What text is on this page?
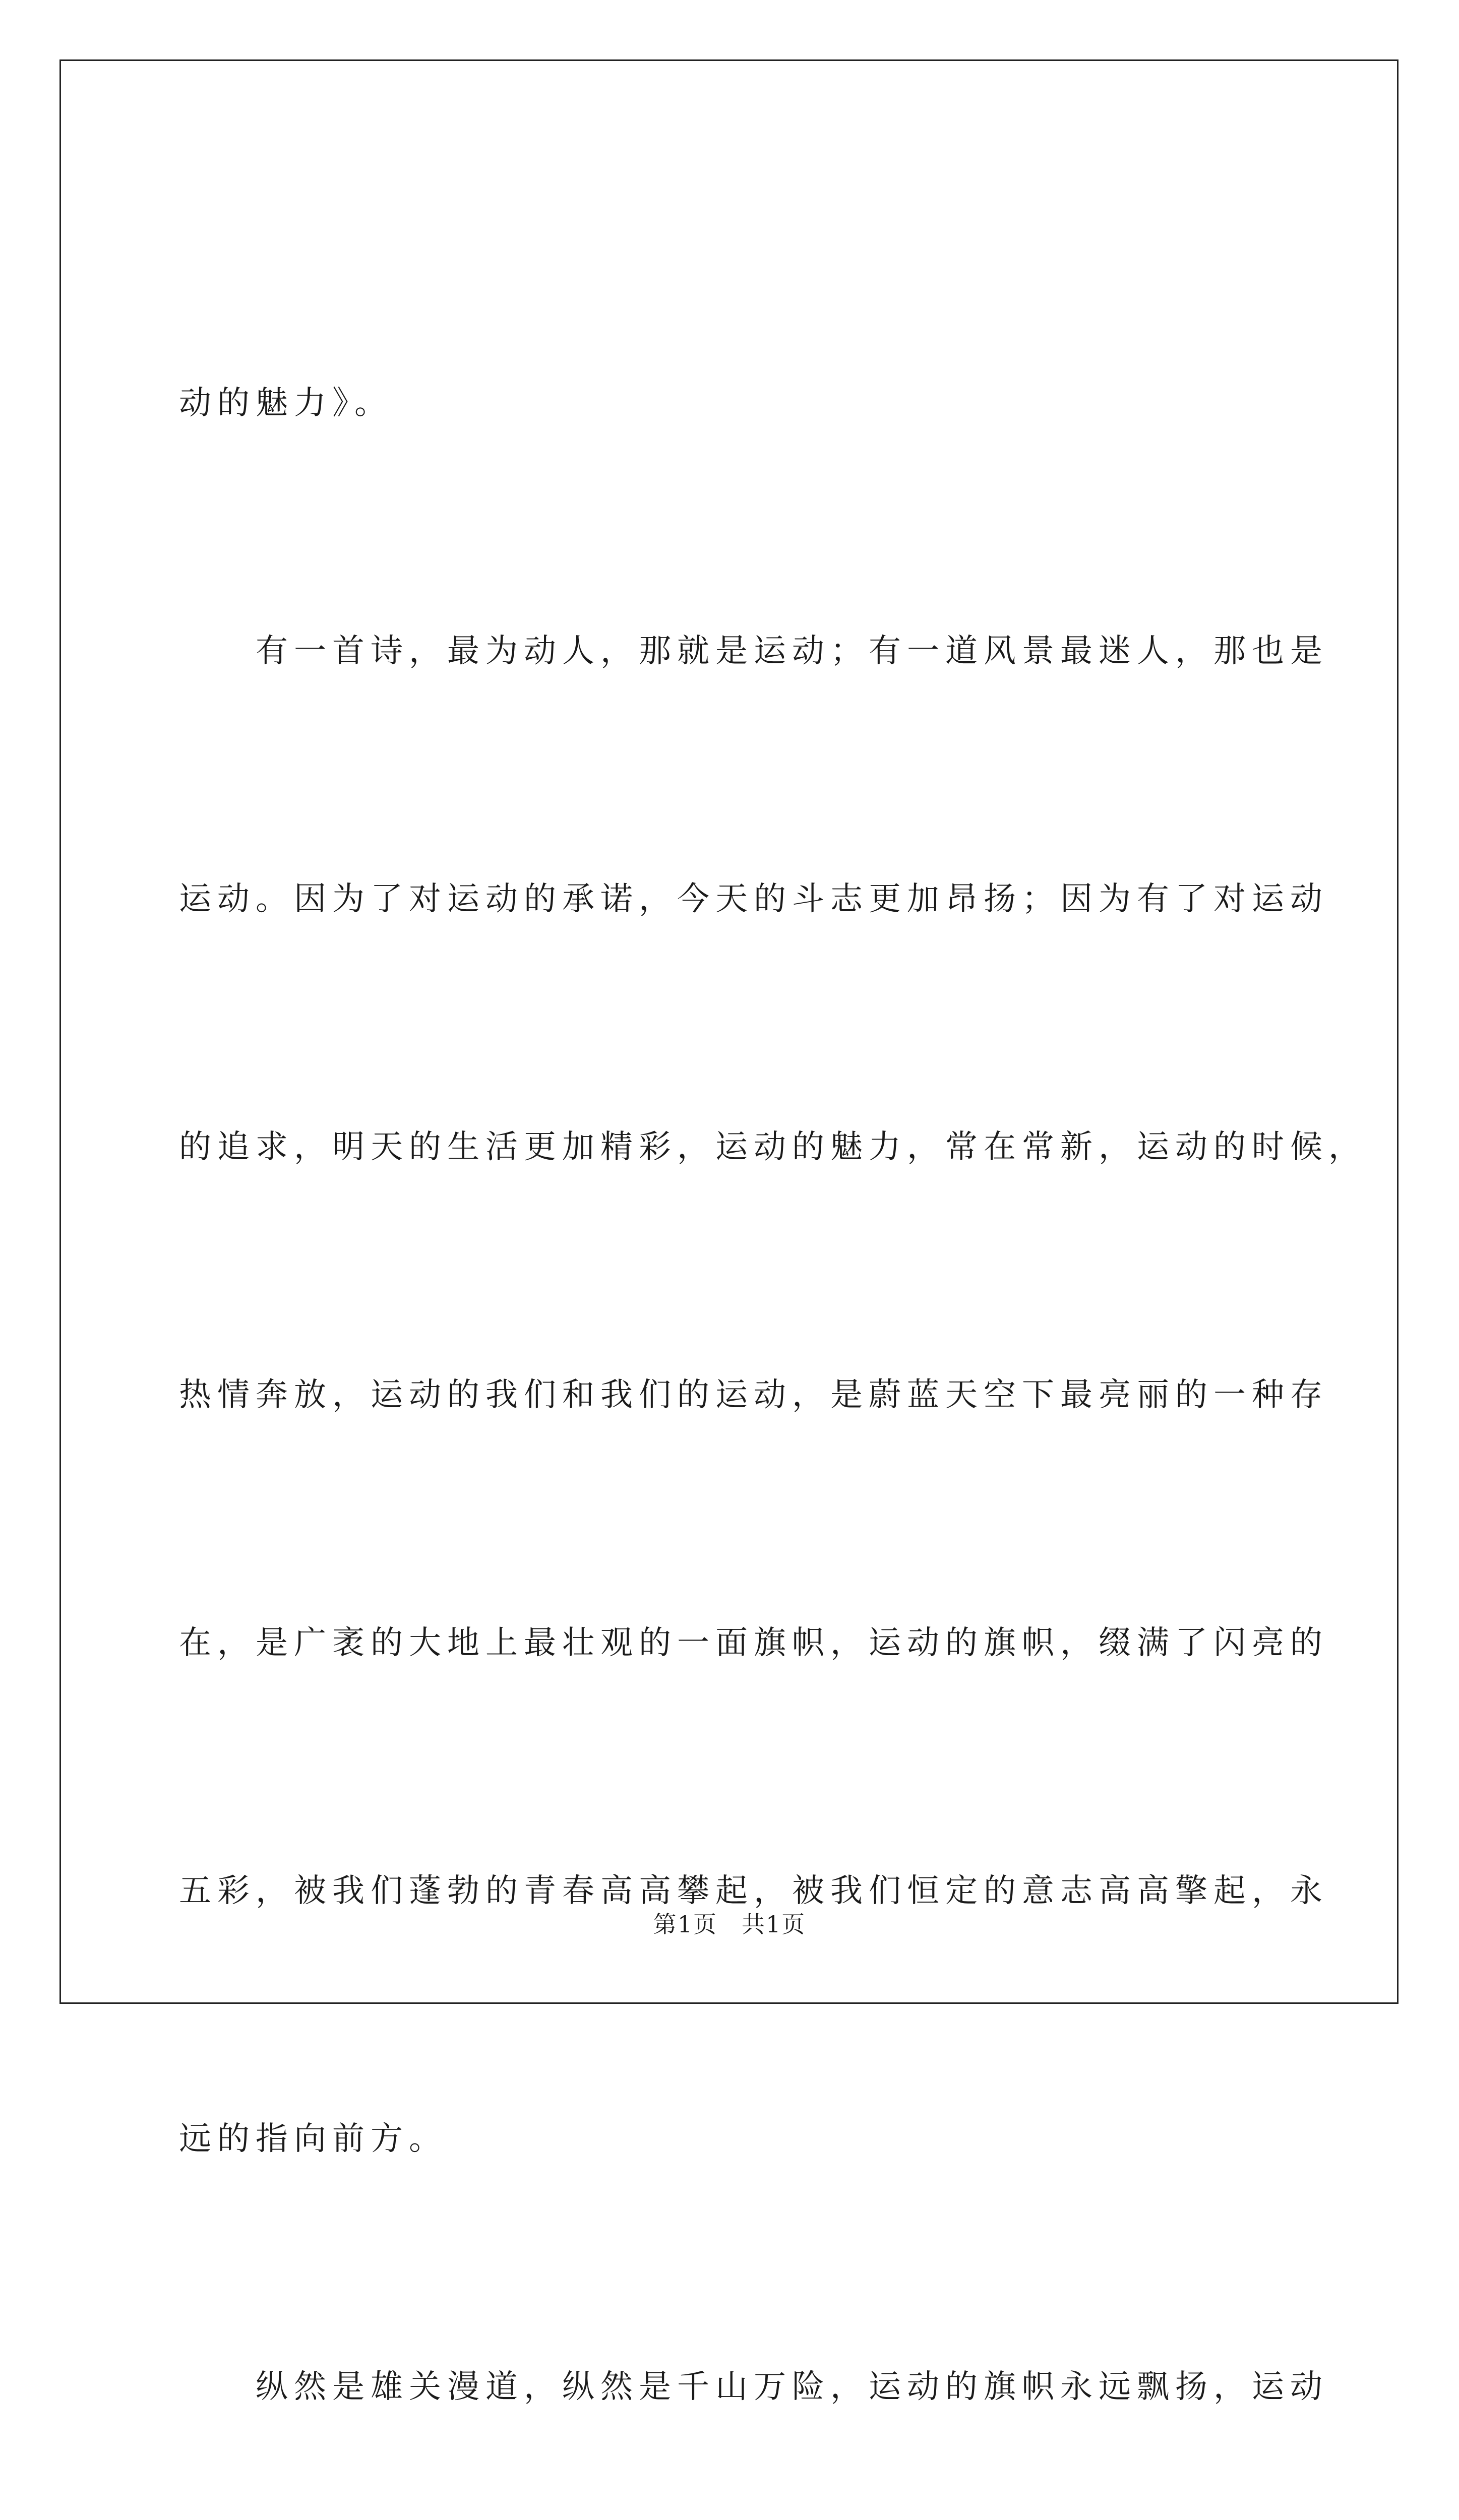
动的魅力》。

　　有一首诗，最为动人，那就是运动；有一道风景最迷人，那也是

运动。因为了对运动的承诺，今天的斗志更加昂扬；因为有了对运动

的追求，明天的生活更加精彩，运动的魅力，常在常新，运动的时候，

热情奔放，运动的我们和我们的运动，是蔚蓝天空下最亮丽的一种存

在，是广袤的大地上最壮观的一面旗帜，运动的旗帜，缀满了闪亮的

五彩，被我们蓬勃的青春高高攀起，被我们恒定的意志高高擎起，永

远的指向前方。

　　纵然是雄关漫道，纵然是千山万险，运动的旗帜永远飘扬，运动

第1页　共1页
